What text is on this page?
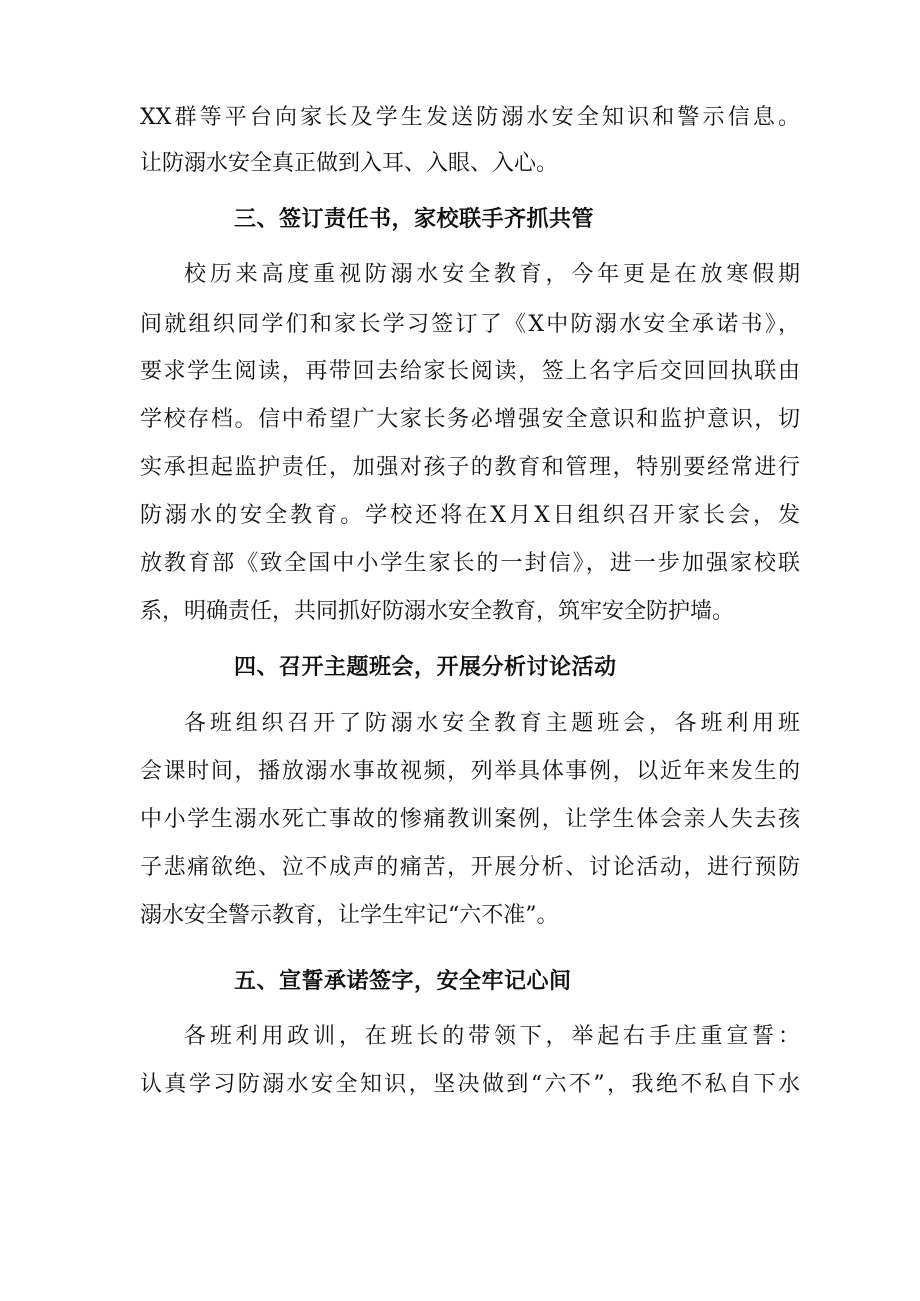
XX群等平台向家长及学生发送防溺水安全知识和警示信息。
让防溺水安全真正做到入耳、入眼、入心。
三、签订责任书，家校联手齐抓共管
校历来高度重视防溺水安全教育，今年更是在放寒假期
间就组织同学们和家长学习签订了《X中防溺水安全承诺书》，
要求学生阅读，再带回去给家长阅读，签上名字后交回回执联由
学校存档。信中希望广大家长务必增强安全意识和监护意识，切
实承担起监护责任，加强对孩子的教育和管理，特别要经常进行
防溺水的安全教育。学校还将在X月X日组织召开家长会，发
放教育部《致全国中小学生家长的一封信》，进一步加强家校联
系，明确责任，共同抓好防溺水安全教育，筑牢安全防护墙。
四、召开主题班会，开展分析讨论活动
各班组织召开了防溺水安全教育主题班会，各班利用班
会课时间，播放溺水事故视频，列举具体事例，以近年来发生的
中小学生溺水死亡事故的惨痛教训案例，让学生体会亲人失去孩
子悲痛欲绝、泣不成声的痛苦，开展分析、讨论活动，进行预防
溺水安全警示教育，让学生牢记“六不准”。
五、宣誓承诺签字，安全牢记心间
各班利用政训，在班长的带领下，举起右手庄重宣誓：
认真学习防溺水安全知识，坚决做到“六不”，我绝不私自下水
